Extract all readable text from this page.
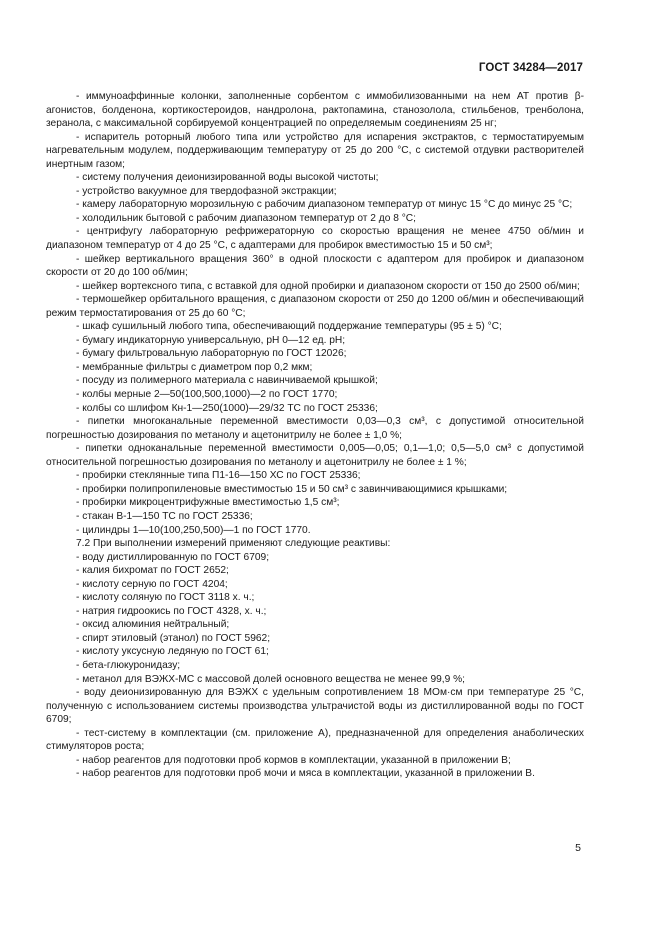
ГОСТ 34284—2017

- иммуноаффинные колонки, заполненные сорбентом с иммобилизованными на нем АТ против β-агонистов, болденона, кортикостероидов, нандролона, рактопамина, станозолола, стильбенов, тренболона, зеранола, с максимальной сорбируемой концентрацией по определяемым соединениям 25 нг;

- испаритель роторный любого типа или устройство для испарения экстрактов, с термостатируемым нагревательным модулем, поддерживающим температуру от 25 до 200 °С, с системой отдувки растворителей инертным газом;

- систему получения деионизированной воды высокой чистоты;

- устройство вакуумное для твердофазной экстракции;

- камеру лабораторную морозильную с рабочим диапазоном температур от минус 15 °С до минус 25 °С;

- холодильник бытовой с рабочим диапазоном температур от 2 до 8 °С;

- центрифугу лабораторную рефрижераторную со скоростью вращения не менее 4750 об/мин и диапазоном температур от 4 до 25 °С, с адаптерами для пробирок вместимостью 15 и 50 см³;

- шейкер вертикального вращения 360° в одной плоскости с адаптером для пробирок и диапазоном скорости от 20 до 100 об/мин;

- шейкер вортексного типа, с вставкой для одной пробирки и диапазоном скорости от 150 до 2500 об/мин;

- термошейкер орбитального вращения, с диапазоном скорости от 250 до 1200 об/мин и обеспечивающий режим термостатирования от 25 до 60 °С;

- шкаф сушильный любого типа, обеспечивающий поддержание температуры (95 ± 5) °С;

- бумагу индикаторную универсальную, рН 0—12 ед. рН;

- бумагу фильтровальную лабораторную по ГОСТ 12026;

- мембранные фильтры с диаметром пор 0,2 мкм;

- посуду из полимерного материала с навинчиваемой крышкой;

- колбы мерные 2—50(100,500,1000)—2 по ГОСТ 1770;

- колбы со шлифом Кн-1—250(1000)—29/32 ТС по ГОСТ 25336;

- пипетки многоканальные переменной вместимости 0,03—0,3 см³, с допустимой относительной погрешностью дозирования по метанолу и ацетонитрилу не более ± 1,0 %;

- пипетки одноканальные переменной вместимости 0,005—0,05; 0,1—1,0; 0,5—5,0 см³ с допустимой относительной погрешностью дозирования по метанолу и ацетонитрилу не более ± 1 %;

- пробирки стеклянные типа П1-16—150 ХС по ГОСТ 25336;

- пробирки полипропиленовые вместимостью 15 и 50 см³ с завинчивающимися крышками;

- пробирки микроцентрифужные вместимостью 1,5 см³;

- стакан В-1—150 ТС по ГОСТ 25336;

- цилиндры 1—10(100,250,500)—1 по ГОСТ 1770.

7.2 При выполнении измерений применяют следующие реактивы:

- воду дистиллированную по ГОСТ 6709;

- калия бихромат по ГОСТ 2652;

- кислоту серную по ГОСТ 4204;

- кислоту соляную по ГОСТ 3118 х. ч.;

- натрия гидроокись по ГОСТ 4328, х. ч.;

- оксид алюминия нейтральный;

- спирт этиловый (этанол) по ГОСТ 5962;

- кислоту уксусную ледяную по ГОСТ 61;

- бета-глюкуронидазу;

- метанол для ВЭЖХ-МС с массовой долей основного вещества не менее 99,9 %;

- воду деионизированную для ВЭЖХ с удельным сопротивлением 18 МОм·см при температуре 25 °С, полученную с использованием системы производства ультрачистой воды из дистиллированной воды по ГОСТ 6709;

- тест-систему в комплектации (см. приложение А), предназначенной для определения анаболических стимуляторов роста;

- набор реагентов для подготовки проб кормов в комплектации, указанной в приложении В;

- набор реагентов для подготовки проб мочи и мяса в комплектации, указанной в приложении В.

5
